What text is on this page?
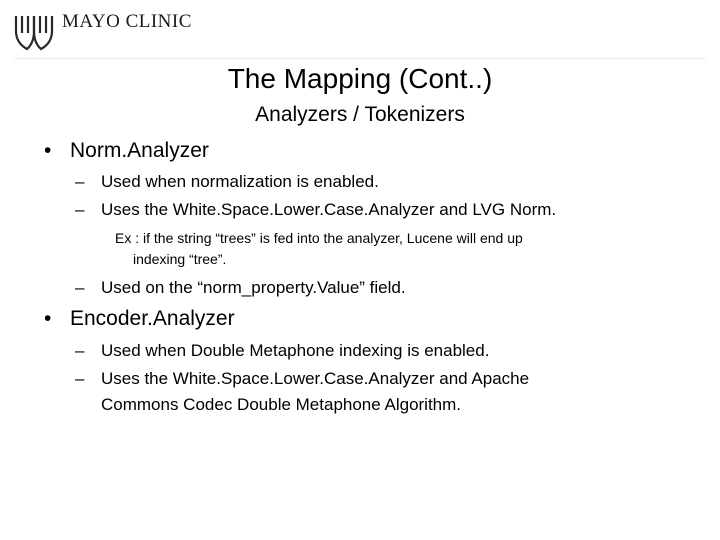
MAYO CLINIC
The Mapping (Cont..)
Analyzers / Tokenizers
• Norm.Analyzer
– Used when normalization is enabled.
– Uses the White.Space.Lower.Case.Analyzer and LVG Norm.
Ex : if the string “trees” is fed into the analyzer, Lucene will end up
indexing “tree”.
– Used on the “norm_property.Value” field.
• Encoder.Analyzer
– Used when Double Metaphone indexing is enabled.
– Uses the White.Space.Lower.Case.Analyzer and Apache
Commons Codec Double Metaphone Algorithm.
